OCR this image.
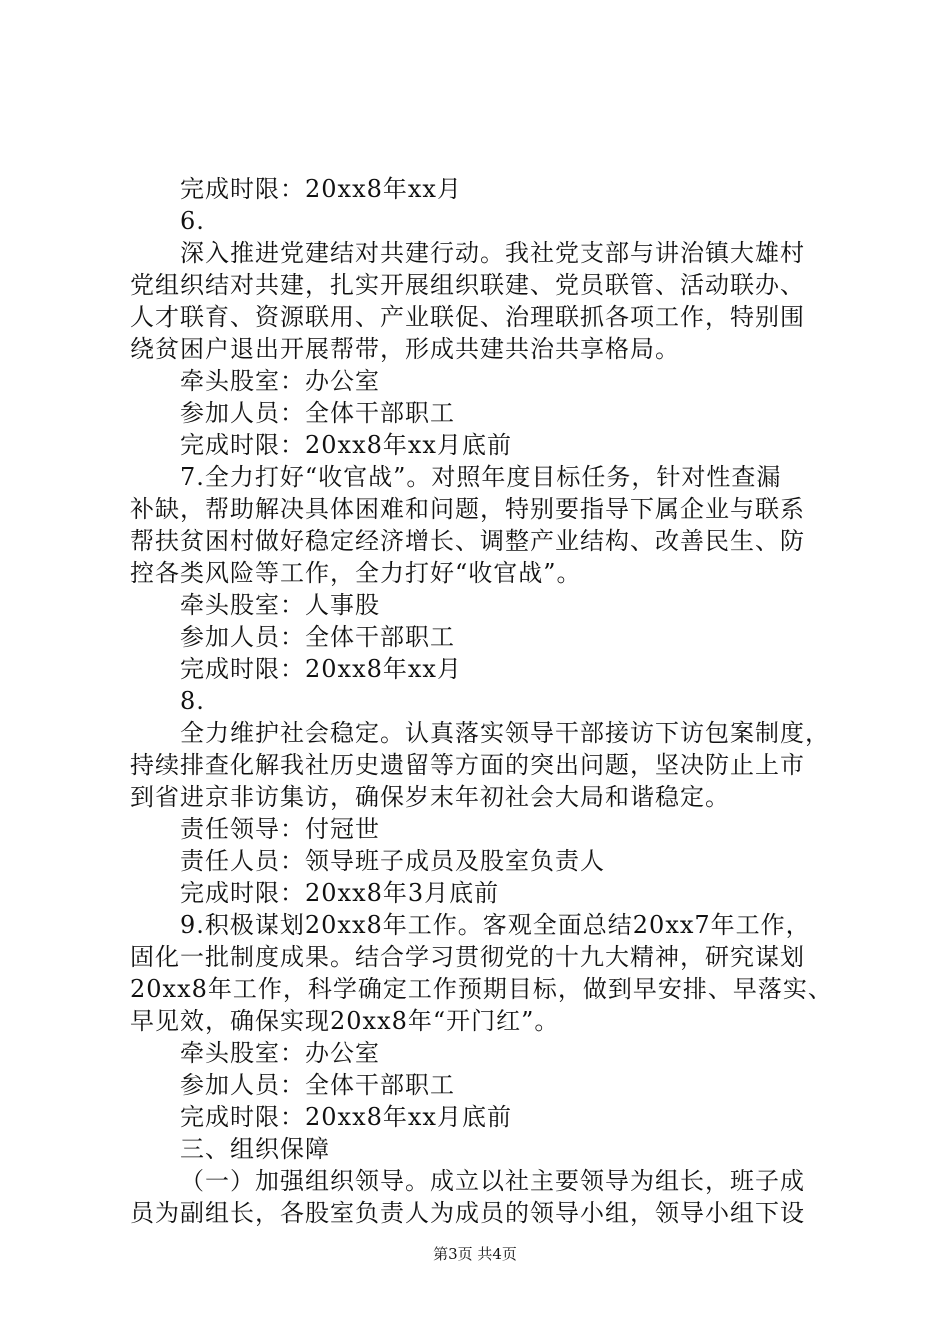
完成时限：20xx8年xx月
6.
深入推进党建结对共建行动。我社党支部与讲治镇大雄村
党组织结对共建，扎实开展组织联建、党员联管、活动联办、
人才联育、资源联用、产业联促、治理联抓各项工作，特别围
绕贫困户退出开展帮带，形成共建共治共享格局。
牵头股室：办公室
参加人员：全体干部职工
完成时限：20xx8年xx月底前
7.全力打好“收官战”。对照年度目标任务，针对性查漏
补缺，帮助解决具体困难和问题，特别要指导下属企业与联系
帮扶贫困村做好稳定经济增长、调整产业结构、改善民生、防
控各类风险等工作，全力打好“收官战”。
牵头股室：人事股
参加人员：全体干部职工
完成时限：20xx8年xx月
8.
全力维护社会稳定。认真落实领导干部接访下访包案制度，
持续排查化解我社历史遗留等方面的突出问题，坚决防止上市
到省进京非访集访，确保岁末年初社会大局和谐稳定。
责任领导：付冠世
责任人员：领导班子成员及股室负责人
完成时限：20xx8年3月底前
9.积极谋划20xx8年工作。客观全面总结20xx7年工作，
固化一批制度成果。结合学习贯彻党的十九大精神，研究谋划
20xx8年工作，科学确定工作预期目标，做到早安排、早落实、
早见效，确保实现20xx8年“开门红”。
牵头股室：办公室
参加人员：全体干部职工
完成时限：20xx8年xx月底前
三、组织保障
（一）加强组织领导。成立以社主要领导为组长，班子成
员为副组长，各股室负责人为成员的领导小组，领导小组下设
第3页 共4页
